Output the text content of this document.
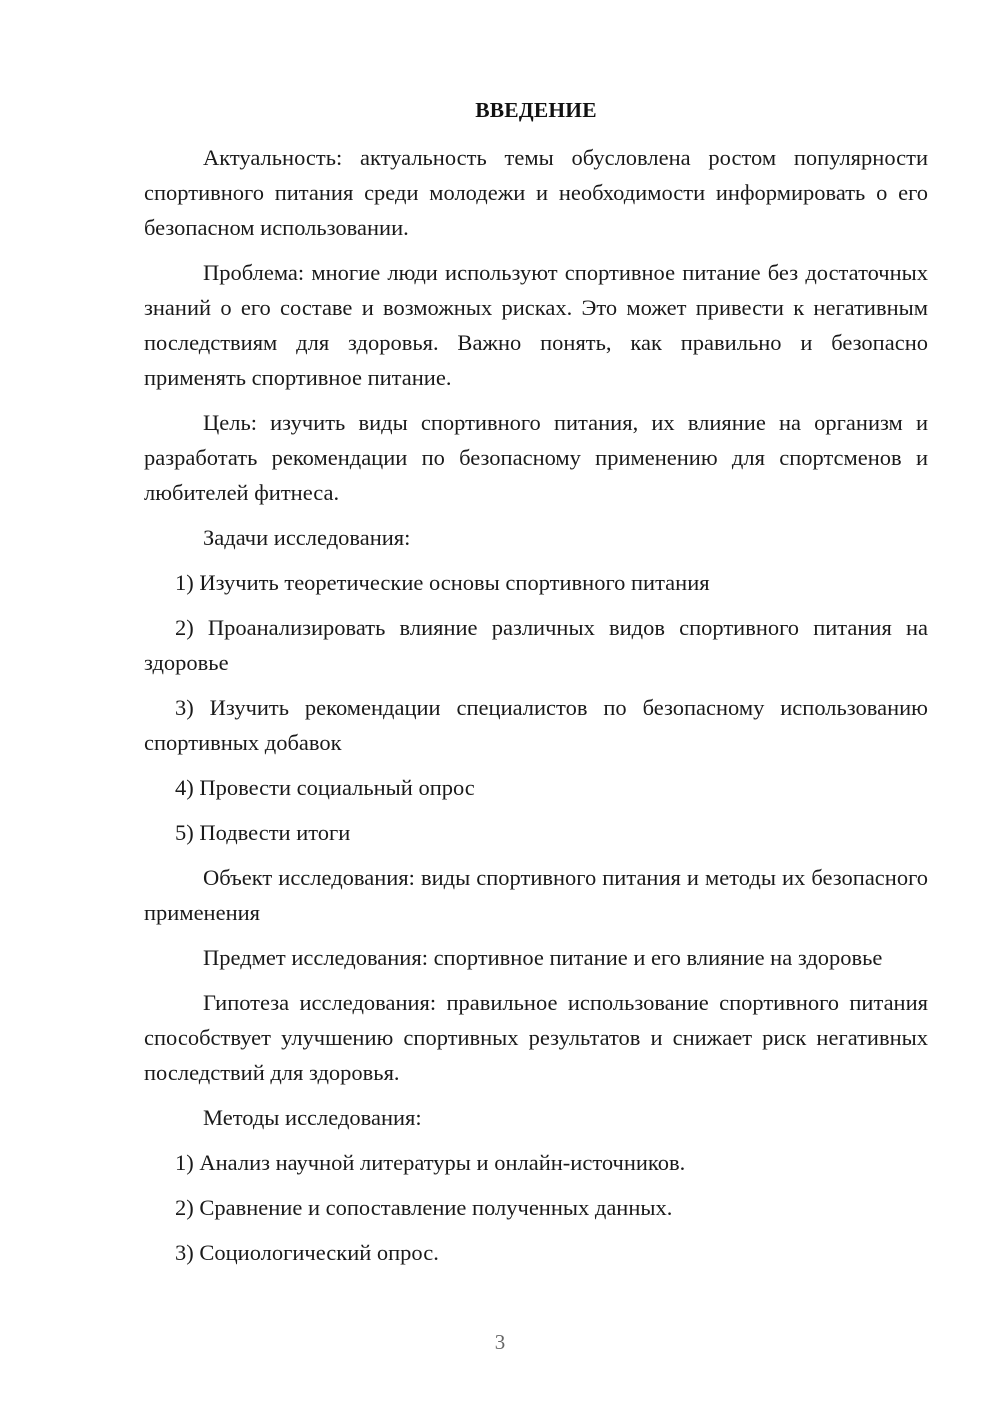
ВВЕДЕНИЕ

Актуальность: актуальность темы обусловлена ростом популярности спортивного питания среди молодежи и необходимости информировать о его безопасном использовании.

Проблема: многие люди используют спортивное питание без достаточных знаний о его составе и возможных рисках. Это может привести к негативным последствиям для здоровья. Важно понять, как правильно и безопасно применять спортивное питание.

Цель: изучить виды спортивного питания, их влияние на организм и разработать рекомендации по безопасному применению для спортсменов и любителей фитнеса.

Задачи исследования:

1) Изучить теоретические основы спортивного питания

2) Проанализировать влияние различных видов спортивного питания на здоровье

3) Изучить рекомендации специалистов по безопасному использованию спортивных добавок

4) Провести социальный опрос

5) Подвести итоги

Объект исследования: виды спортивного питания и методы их безопасного применения

Предмет исследования: спортивное питание и его влияние на здоровье

Гипотеза исследования: правильное использование спортивного питания способствует улучшению спортивных результатов и снижает риск негативных последствий для здоровья.

Методы исследования:

1) Анализ научной литературы и онлайн-источников.

2) Сравнение и сопоставление полученных данных.

3) Социологический опрос.

3
